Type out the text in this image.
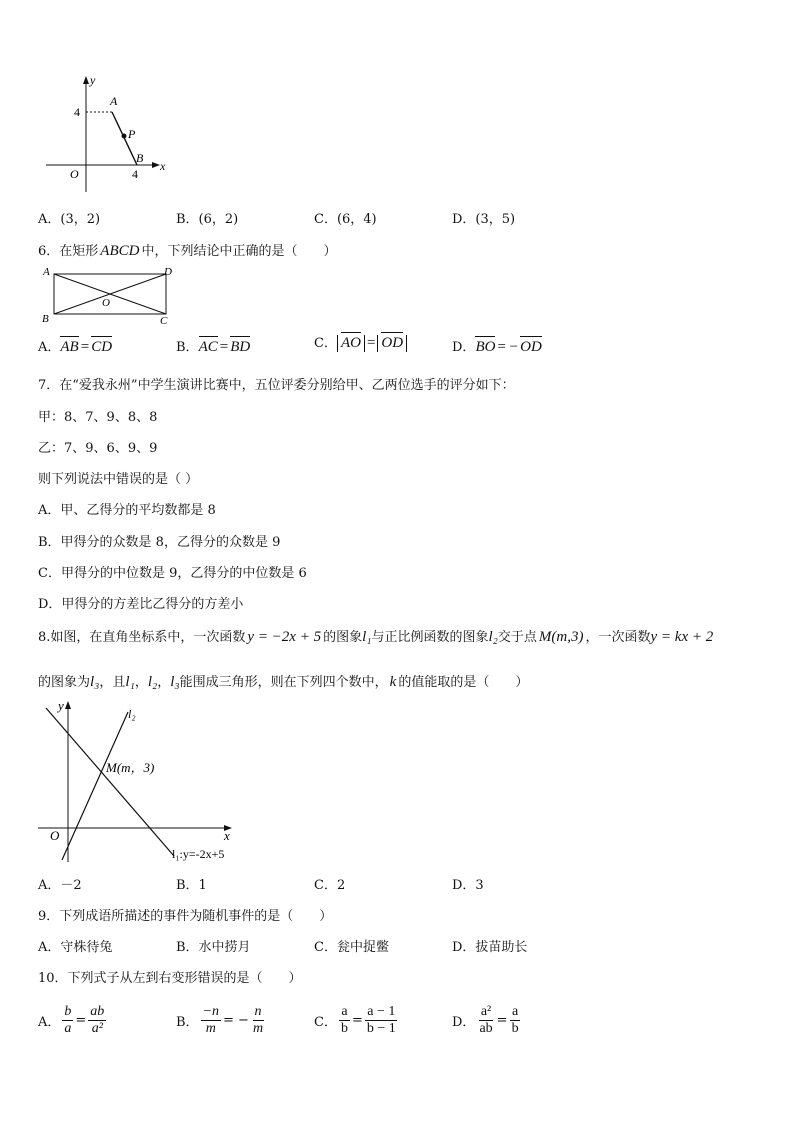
y
x
O
4
4
A
P
B
A．(3，2)	B．(6，2)	C．(6，4)	D．(3，5)
6．在矩形 ABCD 中，下列结论中正确的是（　　）
A
B	C
D
O
A．AB = CD	B．AC = BD	C． AO = OD	D．BO = − OD
7．在“爱我永州”中学生演讲比赛中，五位评委分别给甲、乙两位选手的评分如下：
甲：8、7、9、8、8
乙：7、9、6、9、9
则下列说法中错误的是（ ）
A．甲、乙得分的平均数都是 8
B．甲得分的众数是 8，乙得分的众数是 9
C．甲得分的中位数是 9，乙得分的中位数是 6
D．甲得分的方差比乙得分的方差小
8.如图，在直角坐标系中，一次函数 y = −2x + 5 的图象l₁与正比例函数的图象l₂交于点 M(m,3) ，一次函数y = kx + 2
的图象为l₃，且l₁，l₂，l₃能围成三角形，则在下列四个数中， k 的值能取的是（　　）
y
x
O
l₂
M(m，3)
l₁:y=-2x+5
A．－2	B．1	C．2	D．3
9．下列成语所描述的事件为随机事件的是（　　）
A．守株待兔	B．水中捞月	C．瓮中捉鳖	D．拔苗助长
10．下列式子从左到右变形错误的是（　　）
A． $\frac{b}{a} = \frac{ab}{\text{a²}}$	B． $\frac{-n}{m}$ = − $\frac{n}{m}$	C． $\frac{a}{b} = \frac{a - 1}{b - 1}$	D． $\frac{\text{a²}}{ab} = \frac{a}{b}$
